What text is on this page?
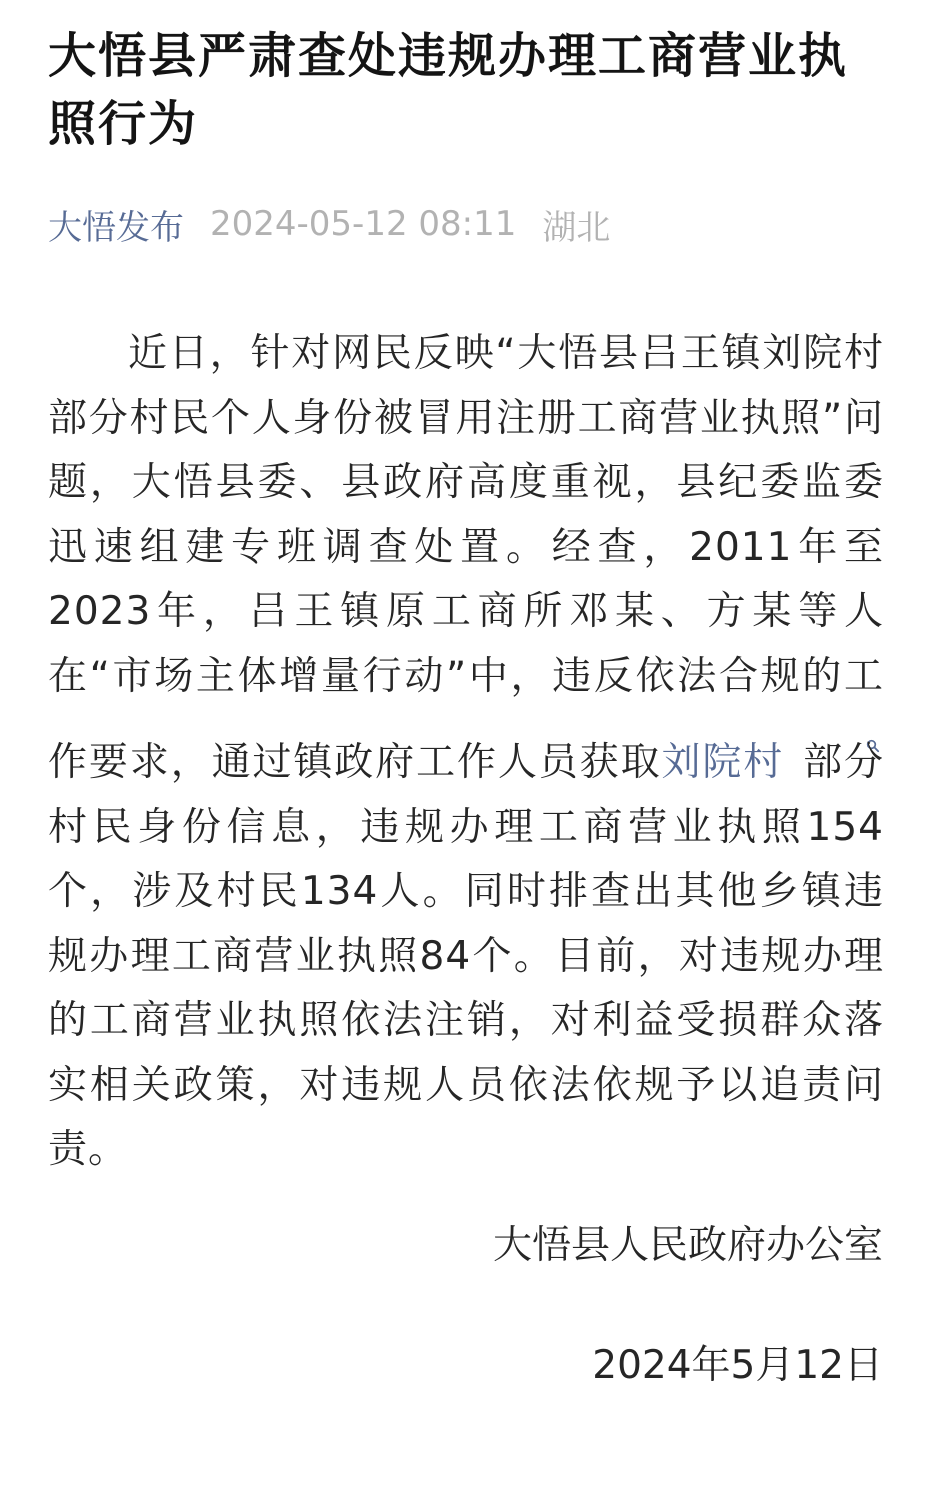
大悟县严肃查处违规办理工商营业执照行为
大悟发布 2024-05-12 08:11 湖北

近日，针对网民反映“大悟县吕王镇刘院村部分村民个人身份被冒用注册工商营业执照”问题，大悟县委、县政府高度重视，县纪委监委迅速组建专班调查处置。经查，2011年至2023年，吕王镇原工商所邓某、方某等人在“市场主体增量行动”中，违反依法合规的工作要求，通过镇政府工作人员获取刘院村 部分村民身份信息，违规办理工商营业执照154个，涉及村民134人。同时排查出其他乡镇违规办理工商营业执照84个。目前，对违规办理的工商营业执照依法注销，对利益受损群众落实相关政策，对违规人员依法依规予以追责问责。

大悟县人民政府办公室

2024年5月12日
